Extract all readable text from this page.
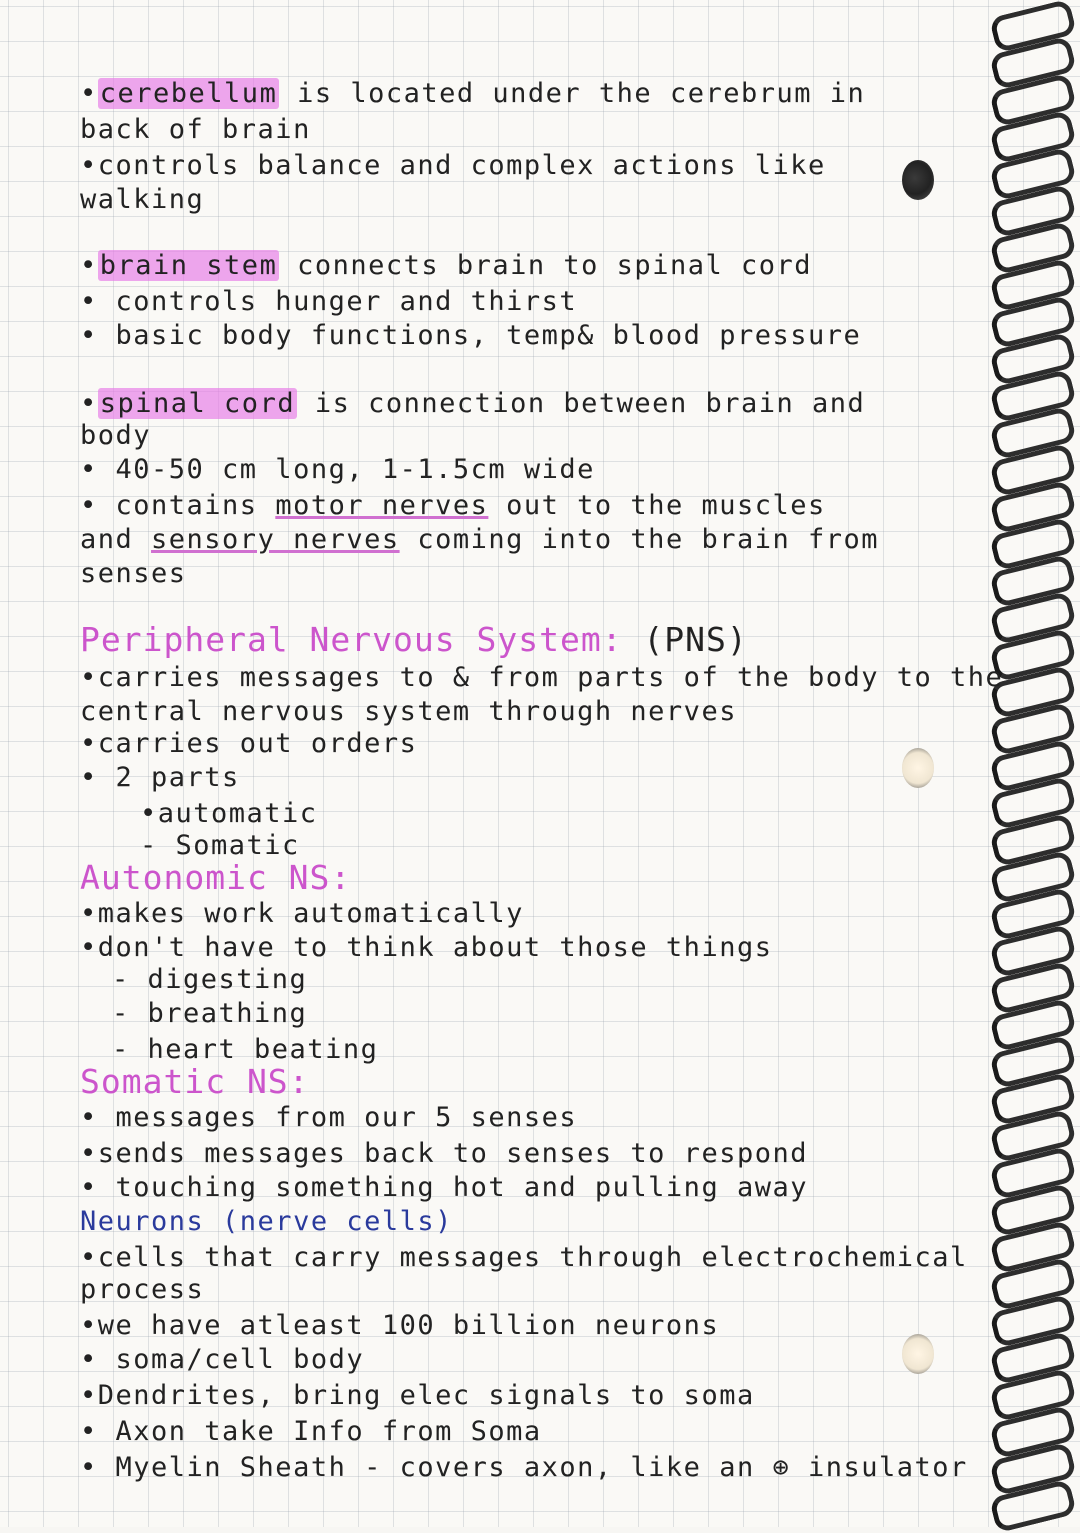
•cerebellum is located under the cerebrum in
back of brain
•controls balance and complex actions like
walking
•brain stem connects brain to spinal cord
• controls hunger and thirst
• basic body functions, temp& blood pressure
•spinal cord is connection between brain and
body
• 40-50 cm long, 1-1.5cm wide
• contains motor nerves out to the muscles
and sensory nerves coming into the brain from
senses
Peripheral Nervous System: (PNS)
•carries messages to & from parts of the body to the
central nervous system through nerves
•carries out orders
• 2 parts
•automatic
- Somatic
Autonomic NS:
•makes work automatically
•don't have to think about those things
- digesting
- breathing
- heart beating
Somatic NS:
• messages from our 5 senses
•sends messages back to senses to respond
• touching something hot and pulling away
Neurons (nerve cells)
•cells that carry messages through electrochemical
process
•we have atleast 100 billion neurons
• soma/cell body
•Dendrites, bring elec signals to soma
• Axon take Info from Soma
• Myelin Sheath - covers axon, like an ⊕ insulator
